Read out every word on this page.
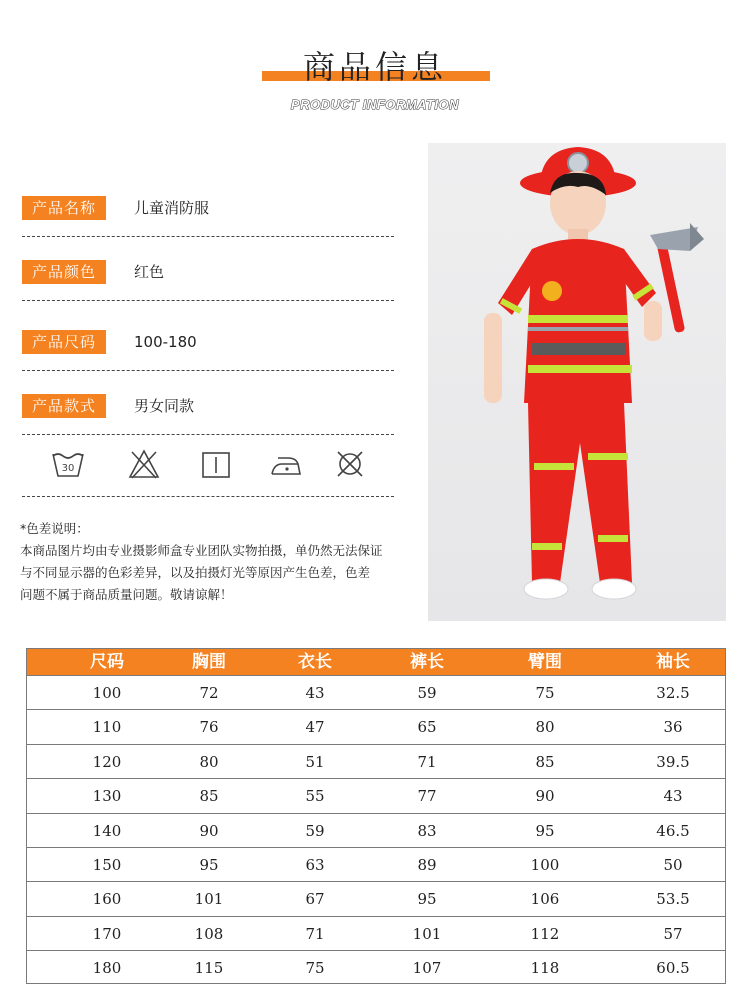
商品信息
PRODUCT INFORMATION
产品名称	儿童消防服
产品颜色	红色
产品尺码	100-180
产品款式	男女同款
30
*色差说明：
本商品图片均由专业摄影师盒专业团队实物拍摄，单仍然无法保证
与不同显示器的色彩差异，以及拍摄灯光等原因产生色差，色差
问题不属于商品质量问题。敬请谅解！
尺码	胸围	衣长	裤长	臂围	袖长
100	72	43	59	75	32.5
110	76	47	65	80	36
120	80	51	71	85	39.5
130	85	55	77	90	43
140	90	59	83	95	46.5
150	95	63	89	100	50
160	101	67	95	106	53.5
170	108	71	101	112	57
180	115	75	107	118	60.5
